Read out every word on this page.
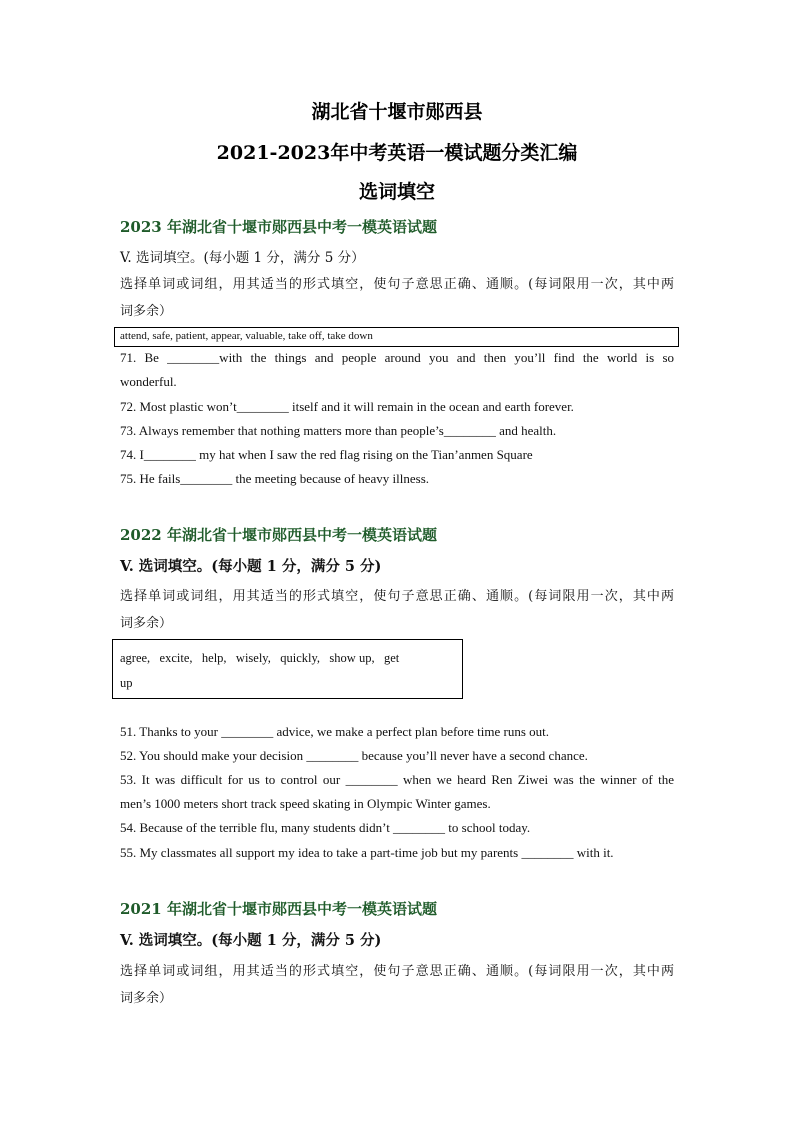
湖北省十堰市郧西县
2021-2023年中考英语一模试题分类汇编
选词填空
2023 年湖北省十堰市郧西县中考一模英语试题
V. 选词填空。(每小题 1 分，满分 5 分）
选择单词或词组，用其适当的形式填空，使句子意思正确、通顺。(每词限用一次，其中两
词多余）
attend, safe, patient, appear, valuable, take off, take down
71. Be ________with the things and people around you and then you’ll find the world is so
wonderful.
72. Most plastic won’t________ itself and it will remain in the ocean and earth forever.
73. Always remember that nothing matters more than people’s________ and health.
74. I________ my hat when I saw the red flag rising on the Tian’anmen Square
75. He fails________ the meeting because of heavy illness.
2022 年湖北省十堰市郧西县中考一模英语试题
V. 选词填空。(每小题 1 分，满分 5 分)
选择单词或词组，用其适当的形式填空，使句子意思正确、通顺。(每词限用一次，其中两
词多余）
agree,   excite,   help,   wisely,   quickly,   show up,   get
up
51. Thanks to your ________ advice, we make a perfect plan before time runs out.
52. You should make your decision ________ because you’ll never have a second chance.
53. It was difficult for us to control our ________ when we heard Ren Ziwei was the winner of the
men’s 1000 meters short track speed skating in Olympic Winter games.
54. Because of the terrible flu, many students didn’t ________ to school today.
55. My classmates all support my idea to take a part-time job but my parents ________ with it.
2021 年湖北省十堰市郧西县中考一模英语试题
V. 选词填空。(每小题 1 分，满分 5 分)
选择单词或词组，用其适当的形式填空，使句子意思正确、通顺。(每词限用一次，其中两
词多余）
